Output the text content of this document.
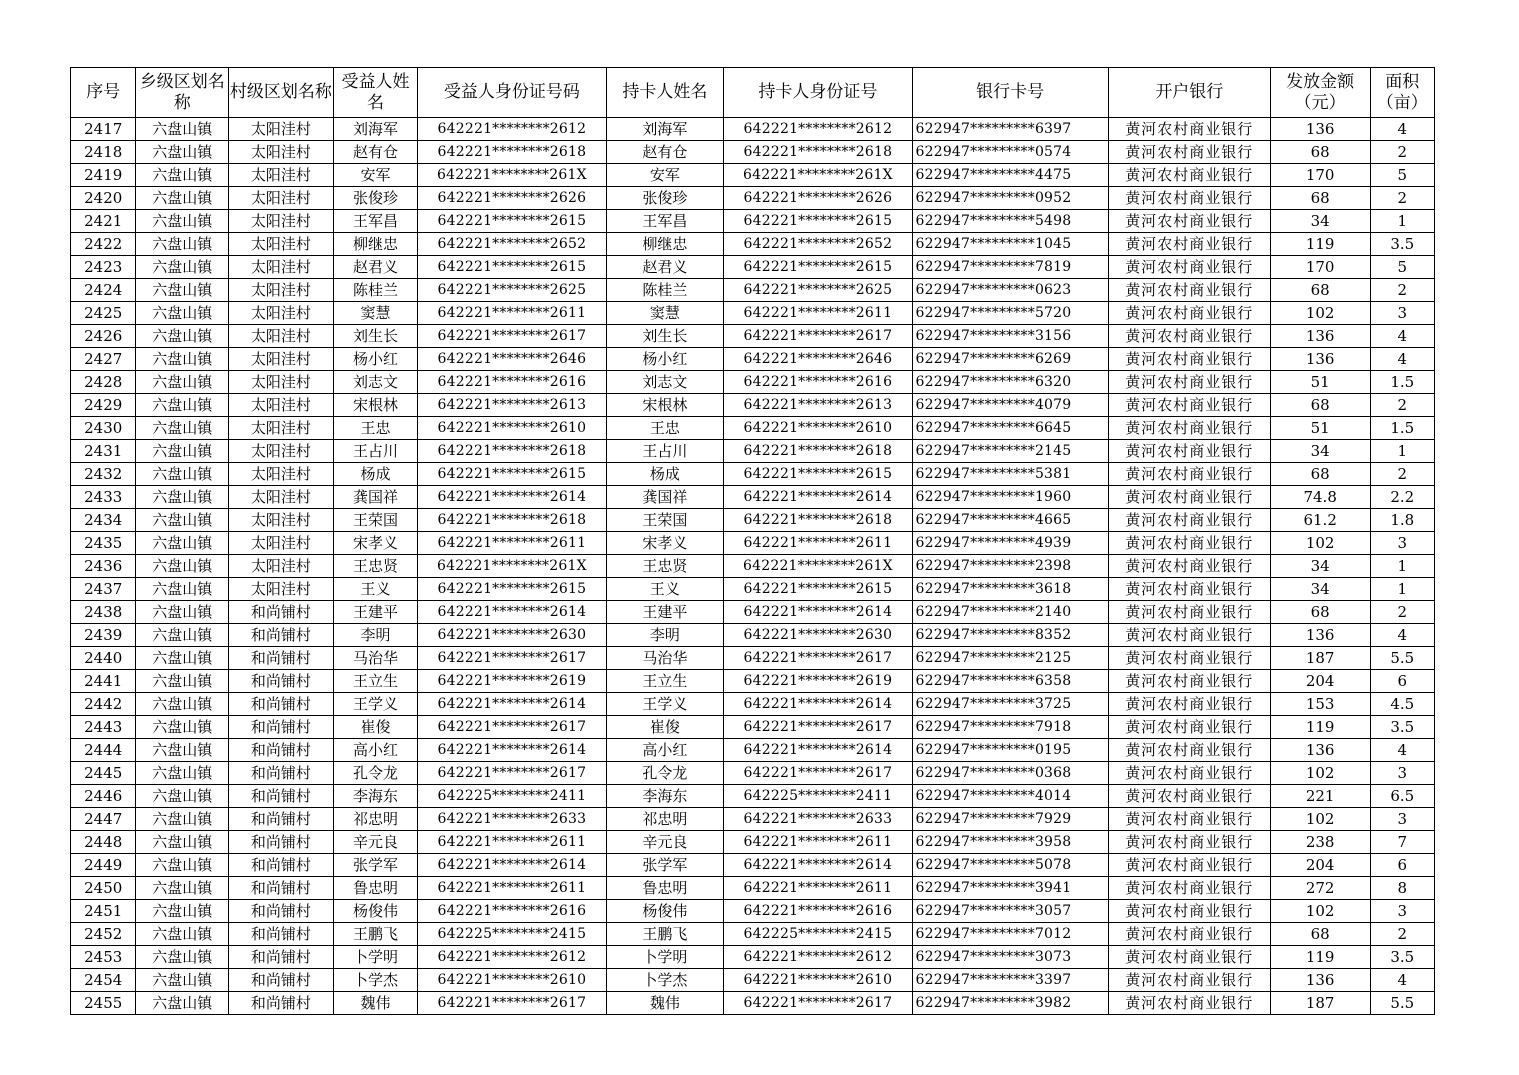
序号	乡级区划名称	村级区划名称	受益人姓名	受益人身份证号码	持卡人姓名	持卡人身份证号	银行卡号	开户银行	发放金额（元）	面积（亩）
2417	六盘山镇	太阳洼村	刘海军	642221********2612	刘海军	642221********2612	622947*********6397	黄河农村商业银行	136	4
2418	六盘山镇	太阳洼村	赵有仓	642221********2618	赵有仓	642221********2618	622947*********0574	黄河农村商业银行	68	2
2419	六盘山镇	太阳洼村	安军	642221********261X	安军	642221********261X	622947*********4475	黄河农村商业银行	170	5
2420	六盘山镇	太阳洼村	张俊珍	642221********2626	张俊珍	642221********2626	622947*********0952	黄河农村商业银行	68	2
2421	六盘山镇	太阳洼村	王军昌	642221********2615	王军昌	642221********2615	622947*********5498	黄河农村商业银行	34	1
2422	六盘山镇	太阳洼村	柳继忠	642221********2652	柳继忠	642221********2652	622947*********1045	黄河农村商业银行	119	3.5
2423	六盘山镇	太阳洼村	赵君义	642221********2615	赵君义	642221********2615	622947*********7819	黄河农村商业银行	170	5
2424	六盘山镇	太阳洼村	陈桂兰	642221********2625	陈桂兰	642221********2625	622947*********0623	黄河农村商业银行	68	2
2425	六盘山镇	太阳洼村	窦慧	642221********2611	窦慧	642221********2611	622947*********5720	黄河农村商业银行	102	3
2426	六盘山镇	太阳洼村	刘生长	642221********2617	刘生长	642221********2617	622947*********3156	黄河农村商业银行	136	4
2427	六盘山镇	太阳洼村	杨小红	642221********2646	杨小红	642221********2646	622947*********6269	黄河农村商业银行	136	4
2428	六盘山镇	太阳洼村	刘志文	642221********2616	刘志文	642221********2616	622947*********6320	黄河农村商业银行	51	1.5
2429	六盘山镇	太阳洼村	宋根林	642221********2613	宋根林	642221********2613	622947*********4079	黄河农村商业银行	68	2
2430	六盘山镇	太阳洼村	王忠	642221********2610	王忠	642221********2610	622947*********6645	黄河农村商业银行	51	1.5
2431	六盘山镇	太阳洼村	王占川	642221********2618	王占川	642221********2618	622947*********2145	黄河农村商业银行	34	1
2432	六盘山镇	太阳洼村	杨成	642221********2615	杨成	642221********2615	622947*********5381	黄河农村商业银行	68	2
2433	六盘山镇	太阳洼村	龚国祥	642221********2614	龚国祥	642221********2614	622947*********1960	黄河农村商业银行	74.8	2.2
2434	六盘山镇	太阳洼村	王荣国	642221********2618	王荣国	642221********2618	622947*********4665	黄河农村商业银行	61.2	1.8
2435	六盘山镇	太阳洼村	宋孝义	642221********2611	宋孝义	642221********2611	622947*********4939	黄河农村商业银行	102	3
2436	六盘山镇	太阳洼村	王忠贤	642221********261X	王忠贤	642221********261X	622947*********2398	黄河农村商业银行	34	1
2437	六盘山镇	太阳洼村	王义	642221********2615	王义	642221********2615	622947*********3618	黄河农村商业银行	34	1
2438	六盘山镇	和尚铺村	王建平	642221********2614	王建平	642221********2614	622947*********2140	黄河农村商业银行	68	2
2439	六盘山镇	和尚铺村	李明	642221********2630	李明	642221********2630	622947*********8352	黄河农村商业银行	136	4
2440	六盘山镇	和尚铺村	马治华	642221********2617	马治华	642221********2617	622947*********2125	黄河农村商业银行	187	5.5
2441	六盘山镇	和尚铺村	王立生	642221********2619	王立生	642221********2619	622947*********6358	黄河农村商业银行	204	6
2442	六盘山镇	和尚铺村	王学义	642221********2614	王学义	642221********2614	622947*********3725	黄河农村商业银行	153	4.5
2443	六盘山镇	和尚铺村	崔俊	642221********2617	崔俊	642221********2617	622947*********7918	黄河农村商业银行	119	3.5
2444	六盘山镇	和尚铺村	高小红	642221********2614	高小红	642221********2614	622947*********0195	黄河农村商业银行	136	4
2445	六盘山镇	和尚铺村	孔令龙	642221********2617	孔令龙	642221********2617	622947*********0368	黄河农村商业银行	102	3
2446	六盘山镇	和尚铺村	李海东	642225********2411	李海东	642225********2411	622947*********4014	黄河农村商业银行	221	6.5
2447	六盘山镇	和尚铺村	祁忠明	642221********2633	祁忠明	642221********2633	622947*********7929	黄河农村商业银行	102	3
2448	六盘山镇	和尚铺村	辛元良	642221********2611	辛元良	642221********2611	622947*********3958	黄河农村商业银行	238	7
2449	六盘山镇	和尚铺村	张学军	642221********2614	张学军	642221********2614	622947*********5078	黄河农村商业银行	204	6
2450	六盘山镇	和尚铺村	鲁忠明	642221********2611	鲁忠明	642221********2611	622947*********3941	黄河农村商业银行	272	8
2451	六盘山镇	和尚铺村	杨俊伟	642221********2616	杨俊伟	642221********2616	622947*********3057	黄河农村商业银行	102	3
2452	六盘山镇	和尚铺村	王鹏飞	642225********2415	王鹏飞	642225********2415	622947*********7012	黄河农村商业银行	68	2
2453	六盘山镇	和尚铺村	卜学明	642221********2612	卜学明	642221********2612	622947*********3073	黄河农村商业银行	119	3.5
2454	六盘山镇	和尚铺村	卜学杰	642221********2610	卜学杰	642221********2610	622947*********3397	黄河农村商业银行	136	4
2455	六盘山镇	和尚铺村	魏伟	642221********2617	魏伟	642221********2617	622947*********3982	黄河农村商业银行	187	5.5
